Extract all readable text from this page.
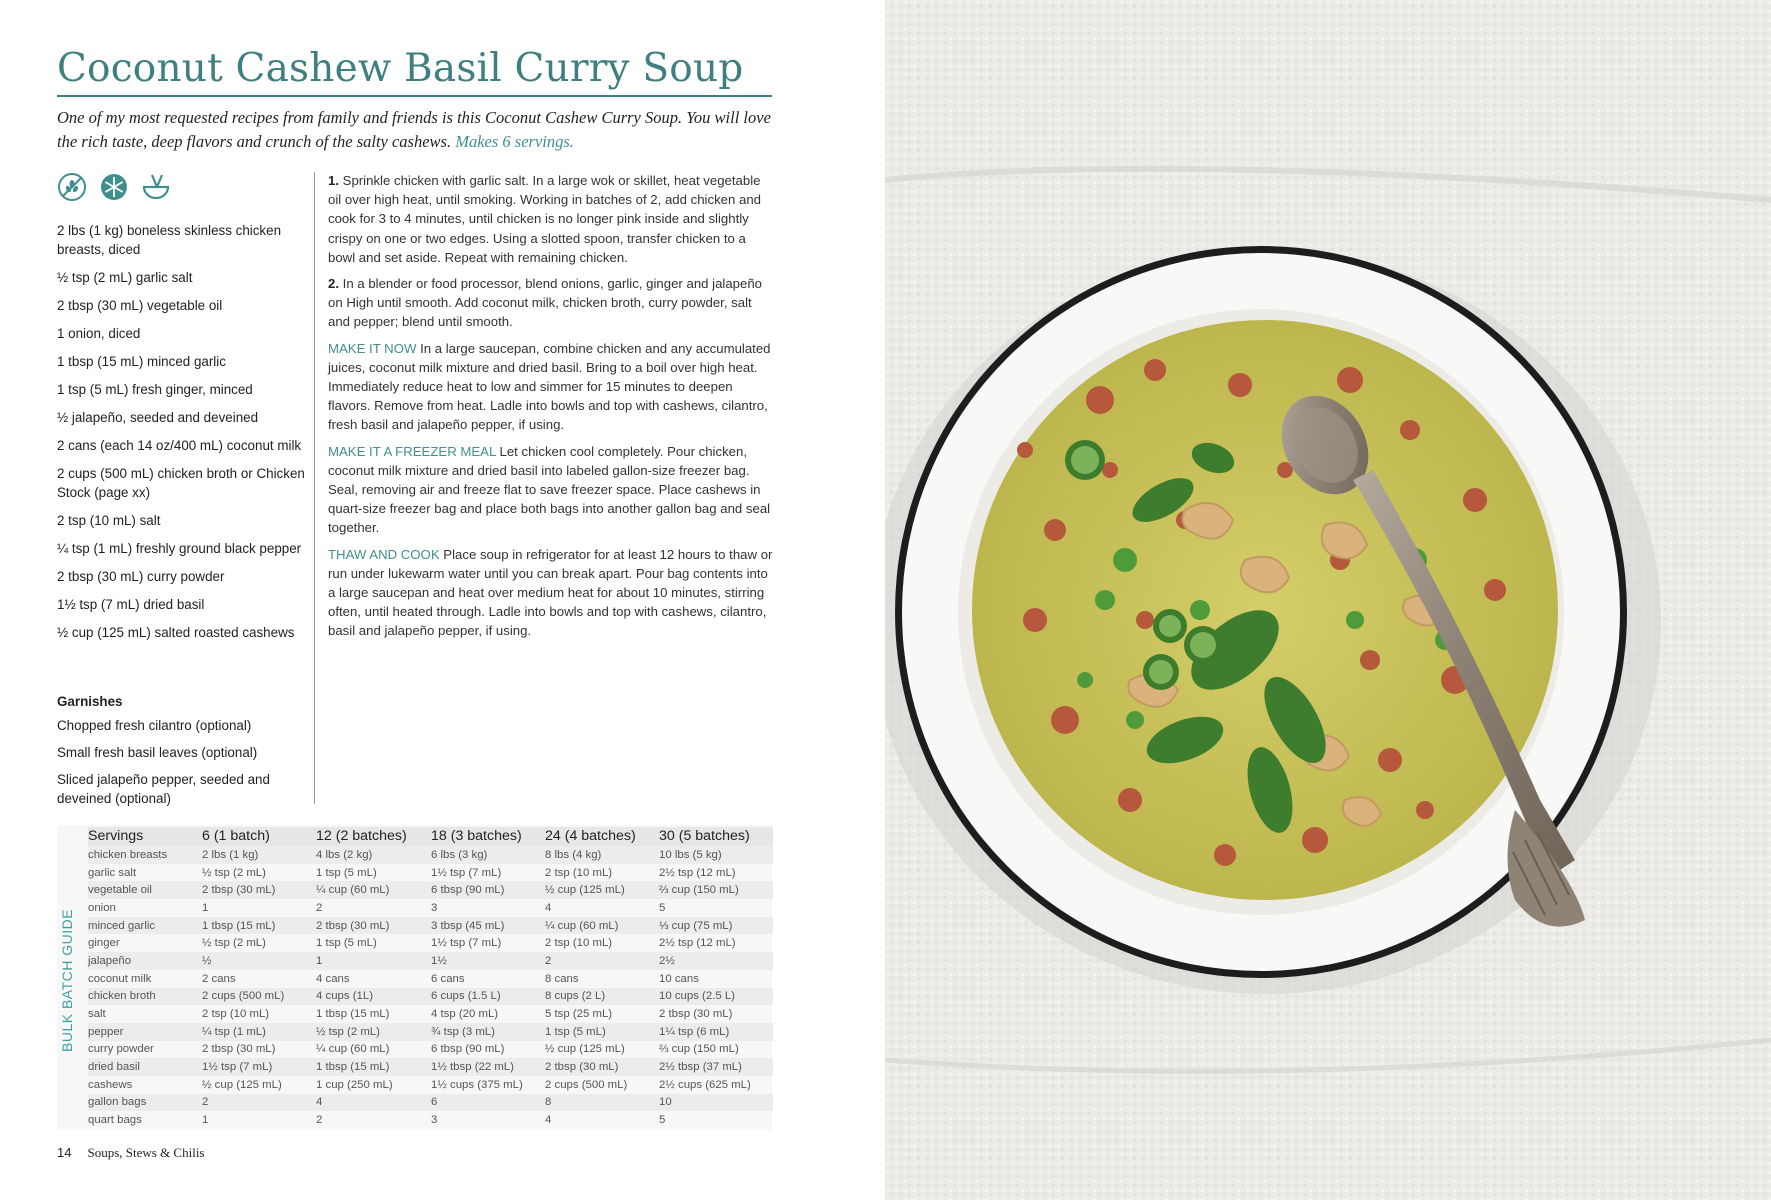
Coconut Cashew Basil Curry Soup

One of my most requested recipes from family and friends is this Coconut Cashew Curry Soup. You will love the rich taste, deep flavors and crunch of the salty cashews. Makes 6 servings.

2 lbs (1 kg) boneless skinless chicken breasts, diced
½ tsp (2 mL) garlic salt
2 tbsp (30 mL) vegetable oil
1 onion, diced
1 tbsp (15 mL) minced garlic
1 tsp (5 mL) fresh ginger, minced
½ jalapeño, seeded and deveined
2 cans (each 14 oz/400 mL) coconut milk
2 cups (500 mL) chicken broth or Chicken Stock (page xx)
2 tsp (10 mL) salt
¼ tsp (1 mL) freshly ground black pepper
2 tbsp (30 mL) curry powder
1½ tsp (7 mL) dried basil
½ cup (125 mL) salted roasted cashews
Garnishes
Chopped fresh cilantro (optional)
Small fresh basil leaves (optional)
Sliced jalapeño pepper, seeded and deveined (optional)

1. Sprinkle chicken with garlic salt. In a large wok or skillet, heat vegetable oil over high heat, until smoking. Working in batches of 2, add chicken and cook for 3 to 4 minutes, until chicken is no longer pink inside and slightly crispy on one or two edges. Using a slotted spoon, transfer chicken to a bowl and set aside. Repeat with remaining chicken.

2. In a blender or food processor, blend onions, garlic, ginger and jalapeño on High until smooth. Add coconut milk, chicken broth, curry powder, salt and pepper; blend until smooth.

MAKE IT NOW In a large saucepan, combine chicken and any accumulated juices, coconut milk mixture and dried basil. Bring to a boil over high heat. Immediately reduce heat to low and simmer for 15 minutes to deepen flavors. Remove from heat. Ladle into bowls and top with cashews, cilantro, fresh basil and jalapeño pepper, if using.

MAKE IT A FREEZER MEAL Let chicken cool completely. Pour chicken, coconut milk mixture and dried basil into labeled gallon-size freezer bag. Seal, removing air and freeze flat to save freezer space. Place cashews in quart-size freezer bag and place both bags into another gallon bag and seal together.

THAW AND COOK Place soup in refrigerator for at least 12 hours to thaw or run under lukewarm water until you can break apart. Pour bag contents into a large saucepan and heat over medium heat for about 10 minutes, stirring often, until heated through. Ladle into bowls and top with cashews, cilantro, basil and jalapeño pepper, if using.

BULK BATCH GUIDE
Servings	6 (1 batch)	12 (2 batches)	18 (3 batches)	24 (4 batches)	30 (5 batches)
chicken breasts	2 lbs (1 kg)	4 lbs (2 kg)	6 lbs (3 kg)	8 lbs (4 kg)	10 lbs (5 kg)
garlic salt	½ tsp (2 mL)	1 tsp (5 mL)	1½ tsp (7 mL)	2 tsp (10 mL)	2½ tsp (12 mL)
vegetable oil	2 tbsp (30 mL)	¼ cup (60 mL)	6 tbsp (90 mL)	½ cup (125 mL)	⅔ cup (150 mL)
onion	1	2	3	4	5
minced garlic	1 tbsp (15 mL)	2 tbsp (30 mL)	3 tbsp (45 mL)	¼ cup (60 mL)	⅓ cup (75 mL)
ginger	½ tsp (2 mL)	1 tsp (5 mL)	1½ tsp (7 mL)	2 tsp (10 mL)	2½ tsp (12 mL)
jalapeño	½	1	1½	2	2½
coconut milk	2 cans	4 cans	6 cans	8 cans	10 cans
chicken broth	2 cups (500 mL)	4 cups (1L)	6 cups (1.5 L)	8 cups (2 L)	10 cups (2.5 L)
salt	2 tsp (10 mL)	1 tbsp (15 mL)	4 tsp (20 mL)	5 tsp (25 mL)	2 tbsp (30 mL)
pepper	¼ tsp (1 mL)	½ tsp (2 mL)	¾ tsp (3 mL)	1 tsp (5 mL)	1¼ tsp (6 mL)
curry powder	2 tbsp (30 mL)	¼ cup (60 mL)	6 tbsp (90 mL)	½ cup (125 mL)	⅔ cup (150 mL)
dried basil	1½ tsp (7 mL)	1 tbsp (15 mL)	1½ tbsp (22 mL)	2 tbsp (30 mL)	2½ tbsp (37 mL)
cashews	½ cup (125 mL)	1 cup (250 mL)	1½ cups (375 mL)	2 cups (500 mL)	2½ cups (625 mL)
gallon bags	2	4	6	8	10
quart bags	1	2	3	4	5
14 Soups, Stews & Chilis
